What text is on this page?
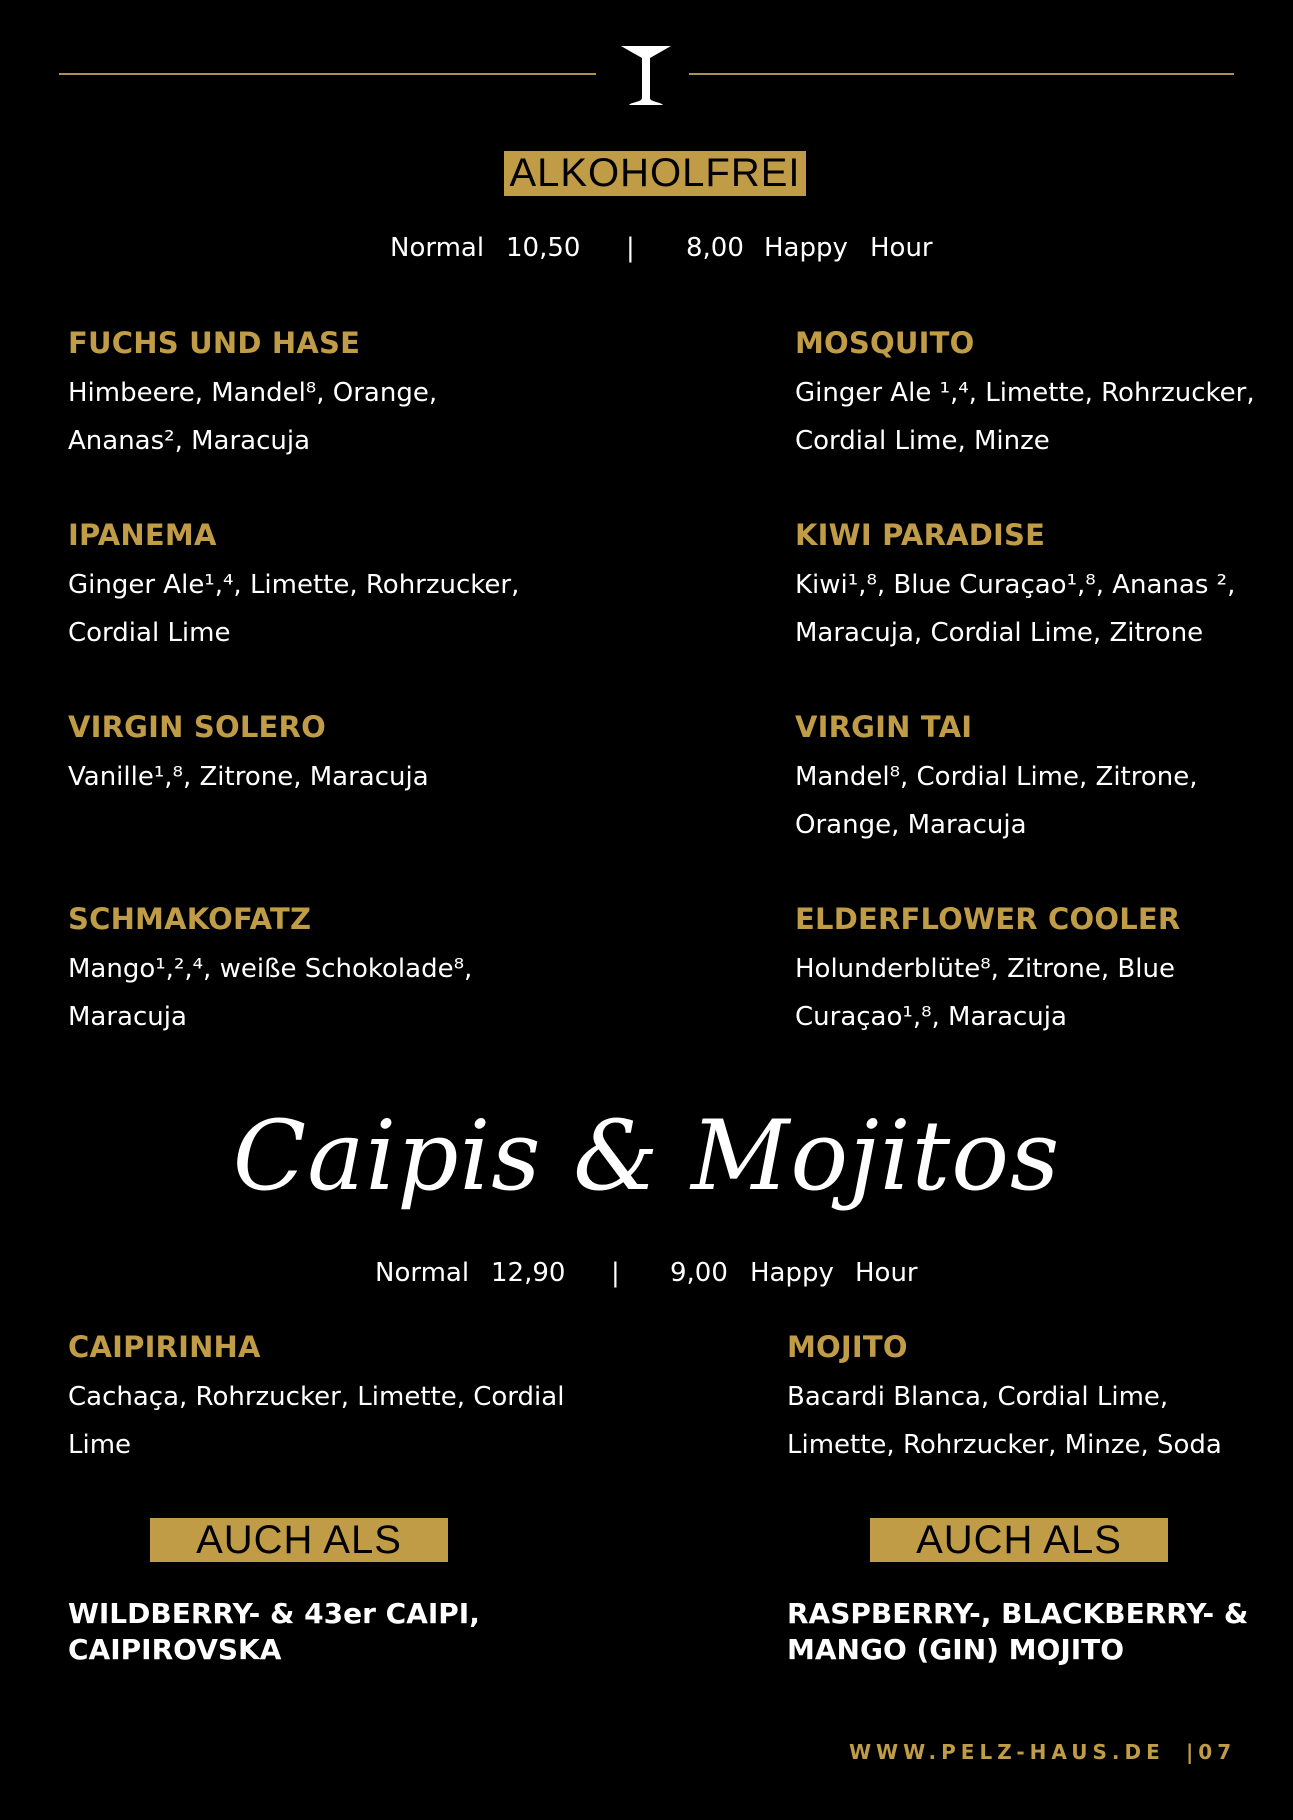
ALKOHOLFREI
Normal 10,50 | 8,00 Happy Hour
FUCHS UND HASE
Himbeere, Mandel⁸, Orange,
Ananas², Maracuja
MOSQUITO
Ginger Ale ¹,⁴, Limette, Rohrzucker,
Cordial Lime, Minze
IPANEMA
Ginger Ale¹,⁴, Limette, Rohrzucker,
Cordial Lime
KIWI PARADISE
Kiwi¹,⁸, Blue Curaçao¹,⁸, Ananas ²,
Maracuja, Cordial Lime, Zitrone
VIRGIN SOLERO
Vanille¹,⁸, Zitrone, Maracuja
VIRGIN TAI
Mandel⁸, Cordial Lime, Zitrone,
Orange, Maracuja
SCHMAKOFATZ
Mango¹,²,⁴, weiße Schokolade⁸,
Maracuja
ELDERFLOWER COOLER
Holunderblüte⁸, Zitrone, Blue
Curaçao¹,⁸, Maracuja
Caipis & Mojitos
Normal 12,90 | 9,00 Happy Hour
CAIPIRINHA
Cachaça, Rohrzucker, Limette, Cordial
Lime
AUCH ALS
WILDBERRY- & 43er CAIPI,
CAIPIROVSKA
MOJITO
Bacardi Blanca, Cordial Lime,
Limette, Rohrzucker, Minze, Soda
AUCH ALS
RASPBERRY-, BLACKBERRY- &
MANGO (GIN) MOJITO
WWW.PELZ-HAUS.DE |07
